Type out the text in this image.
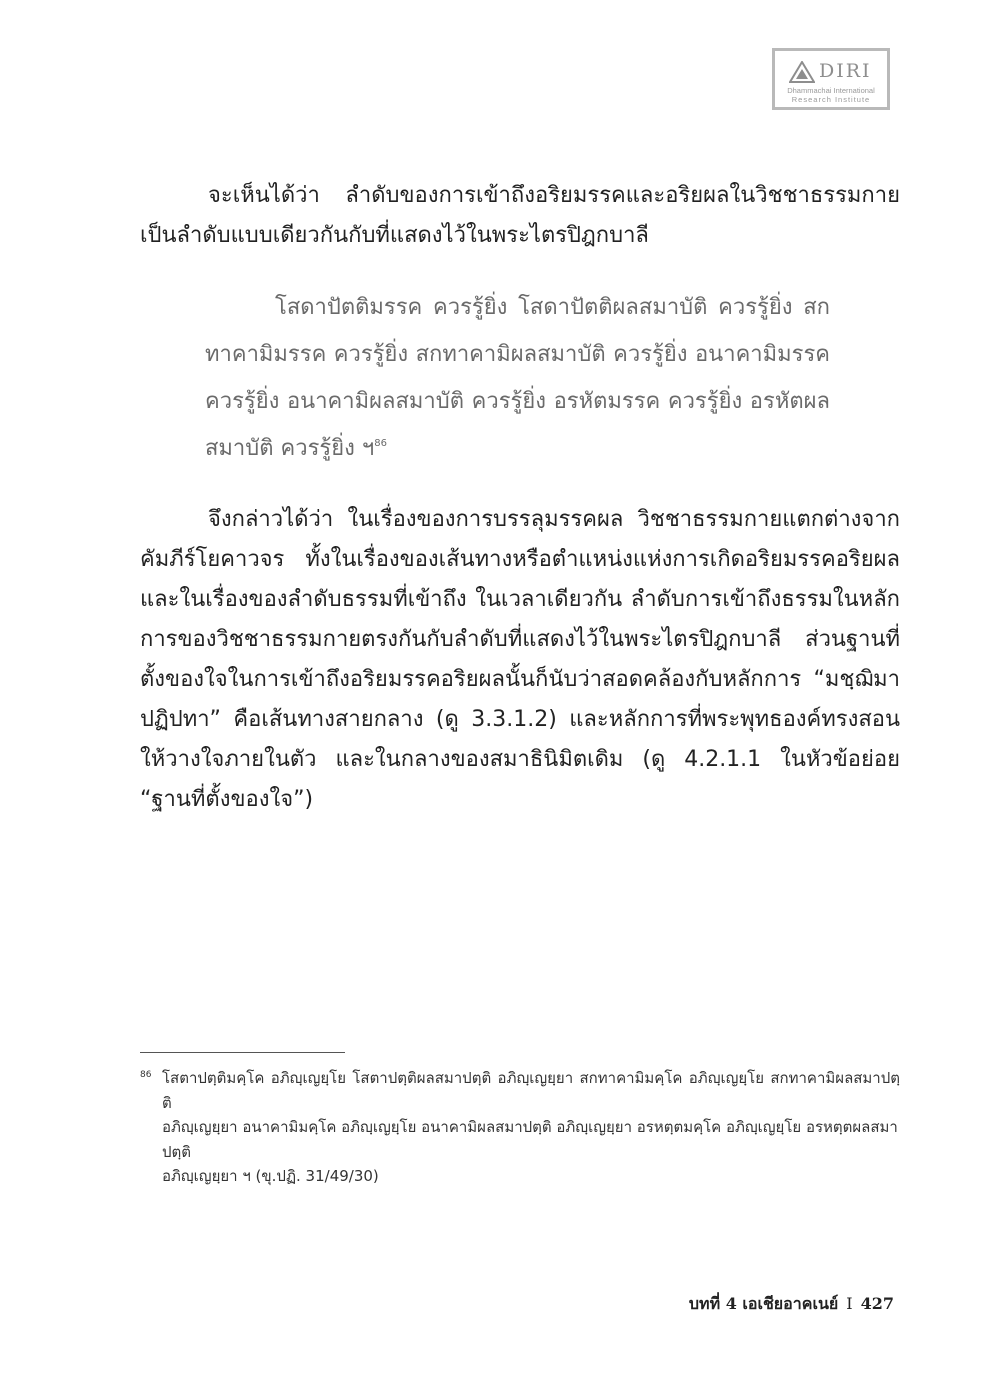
DIRI
Dhammachai International
Research Institute

จะเห็นได้ว่า ลำดับของการเข้าถึงอริยมรรคและอริยผลในวิชชาธรรมกาย เป็นลำดับแบบเดียวกันกับที่แสดงไว้ในพระไตรปิฎกบาลี

โสดาปัตติมรรค ควรรู้ยิ่ง โสดาปัตติผลสมาบัติ ควรรู้ยิ่ง สกทาคามิมรรค ควรรู้ยิ่ง สกทาคามิผลสมาบัติ ควรรู้ยิ่ง อนาคามิมรรค ควรรู้ยิ่ง อนาคามิผลสมาบัติ ควรรู้ยิ่ง อรหัตมรรค ควรรู้ยิ่ง อรหัตผลสมาบัติ ควรรู้ยิ่ง ฯ$^{86}$

จึงกล่าวได้ว่า ในเรื่องของการบรรลุมรรคผล วิชชาธรรมกายแตกต่างจากคัมภีร์โยคาวจร ทั้งในเรื่องของเส้นทางหรือตำแหน่งแห่งการเกิดอริยมรรคอริยผล และในเรื่องของลำดับธรรมที่เข้าถึง ในเวลาเดียวกัน ลำดับการเข้าถึงธรรมในหลักการของวิชชาธรรมกายตรงกันกับลำดับที่แสดงไว้ในพระไตรปิฎกบาลี ส่วนฐานที่ตั้งของใจในการเข้าถึงอริยมรรคอริยผลนั้นก็นับว่าสอดคล้องกับหลักการ “มชฺฌิมาปฏิปทา” คือเส้นทางสายกลาง (ดู 3.3.1.2) และหลักการที่พระพุทธองค์ทรงสอนให้วางใจภายในตัว และในกลางของสมาธินิมิตเดิม (ดู 4.2.1.1 ในหัวข้อย่อย “ฐานที่ตั้งของใจ”)

86 โสตาปตฺติมคฺโค อภิญฺเญยฺโย โสตาปตฺติผลสมาปตฺติ อภิญฺเญยฺยา สกทาคามิมคฺโค อภิญฺเญยฺโย สกทาคามิผลสมาปตฺติ
อภิญฺเญยฺยา อนาคามิมคฺโค อภิญฺเญยฺโย อนาคามิผลสมาปตฺติ อภิญฺเญยฺยา อรหตฺตมคฺโค อภิญฺเญยฺโย อรหตฺตผลสมาปตฺติ
อภิญฺเญยฺยา ฯ (ขุ.ปฏิ. 31/49/30)
บทที่ 4 เอเชียอาคเนย์ I 427
